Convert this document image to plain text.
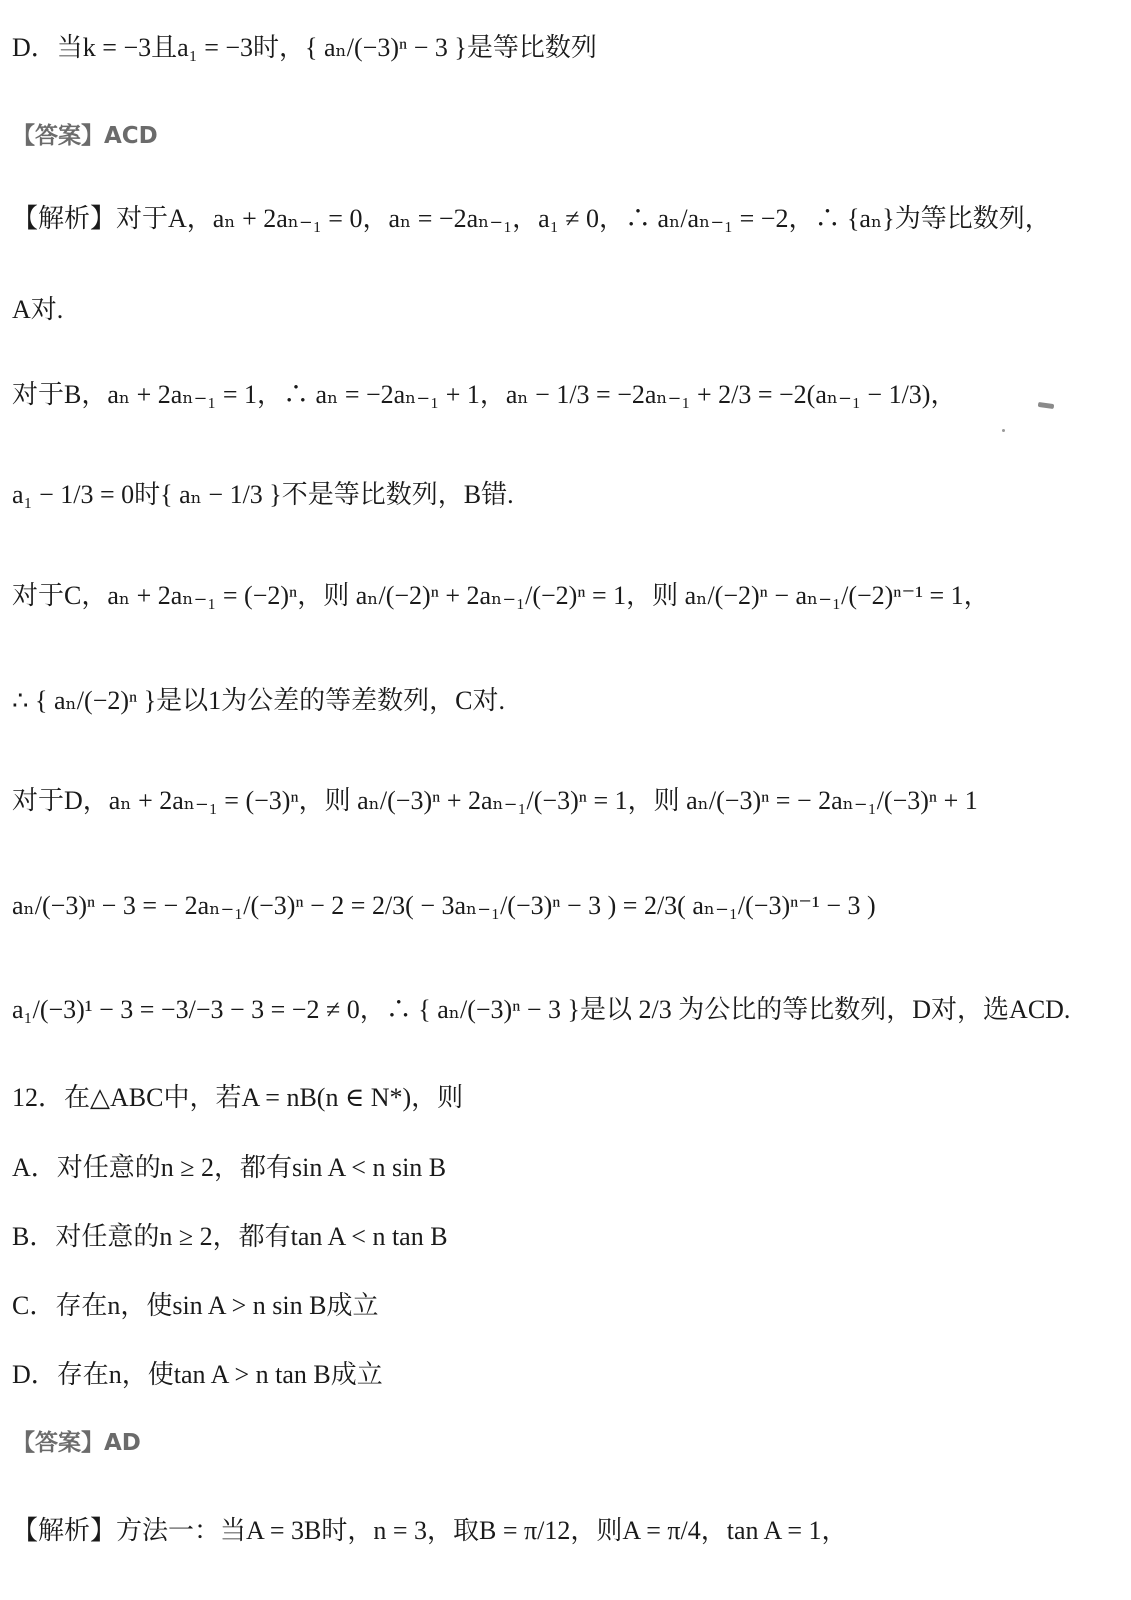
D．当k = −3且a₁ = −3时，{ aₙ/(−3)ⁿ − 3 }是等比数列
【答案】ACD
【解析】对于A，aₙ + 2aₙ₋₁ = 0，aₙ = −2aₙ₋₁，a₁ ≠ 0，∴ aₙ/aₙ₋₁ = −2，∴ {aₙ}为等比数列，
A对.
对于B，aₙ + 2aₙ₋₁ = 1，∴ aₙ = −2aₙ₋₁ + 1，aₙ − 1/3 = −2aₙ₋₁ + 2/3 = −2(aₙ₋₁ − 1/3)，
a₁ − 1/3 = 0时{ aₙ − 1/3 }不是等比数列，B错.
对于C，aₙ + 2aₙ₋₁ = (−2)ⁿ，则 aₙ/(−2)ⁿ + 2aₙ₋₁/(−2)ⁿ = 1，则 aₙ/(−2)ⁿ − aₙ₋₁/(−2)ⁿ⁻¹ = 1，
∴ { aₙ/(−2)ⁿ }是以1为公差的等差数列，C对.
对于D，aₙ + 2aₙ₋₁ = (−3)ⁿ，则 aₙ/(−3)ⁿ + 2aₙ₋₁/(−3)ⁿ = 1，则 aₙ/(−3)ⁿ = − 2aₙ₋₁/(−3)ⁿ + 1
aₙ/(−3)ⁿ − 3 = − 2aₙ₋₁/(−3)ⁿ − 2 = 2/3( − 3aₙ₋₁/(−3)ⁿ − 3 ) = 2/3( aₙ₋₁/(−3)ⁿ⁻¹ − 3 )
a₁/(−3)¹ − 3 = −3/−3 − 3 = −2 ≠ 0，∴ { aₙ/(−3)ⁿ − 3 }是以 2/3 为公比的等比数列，D对，选ACD.
12．在△ABC中，若A = nB(n ∈ N*)，则
A．对任意的n ≥ 2，都有sin A < n sin B
B．对任意的n ≥ 2，都有tan A < n tan B
C．存在n，使sin A > n sin B成立
D．存在n，使tan A > n tan B成立
【答案】AD
【解析】方法一：当A = 3B时，n = 3，取B = π/12，则A = π/4，tan A = 1，
